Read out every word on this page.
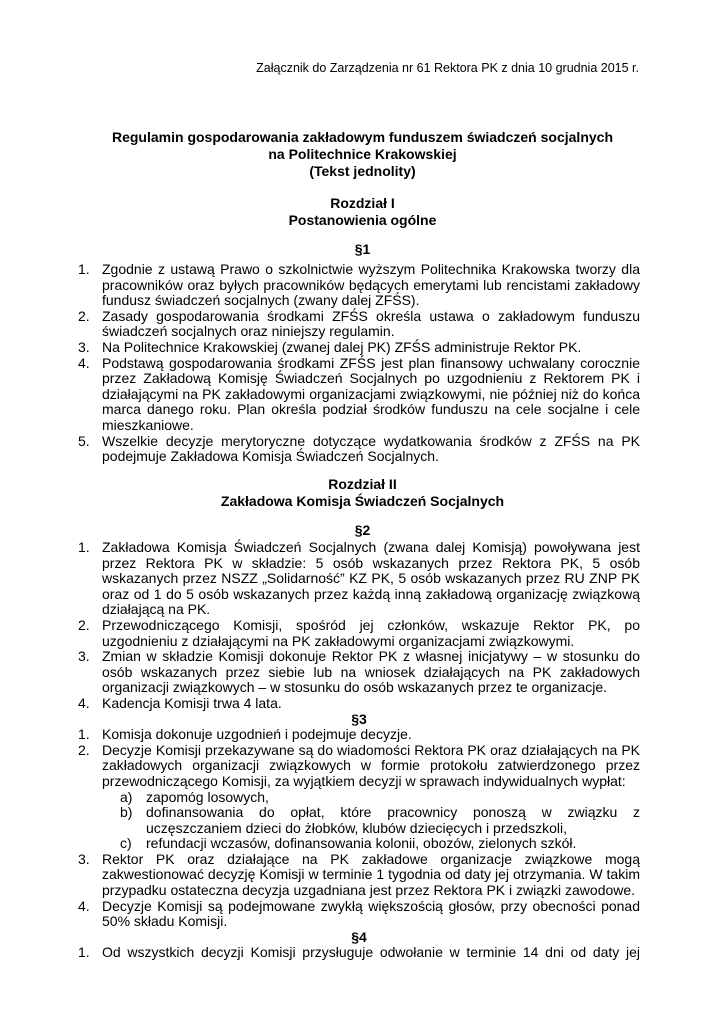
Załącznik do Zarządzenia nr 61 Rektora PK z dnia 10 grudnia 2015 r.
Regulamin gospodarowania zakładowym funduszem świadczeń socjalnych
na Politechnice Krakowskiej
(Tekst jednolity)
Rozdział I
Postanowienia ogólne
§1
1. Zgodnie z ustawą Prawo o szkolnictwie wyższym Politechnika Krakowska tworzy dla pracowników oraz byłych pracowników będących emerytami lub rencistami zakładowy fundusz świadczeń socjalnych (zwany dalej ZFŚS).
2. Zasady gospodarowania środkami ZFŚS określa ustawa o zakładowym funduszu świadczeń socjalnych oraz niniejszy regulamin.
3. Na Politechnice Krakowskiej (zwanej dalej PK) ZFŚS administruje Rektor PK.
4. Podstawą gospodarowania środkami ZFŚS jest plan finansowy uchwalany corocznie przez Zakładową Komisję Świadczeń Socjalnych po uzgodnieniu z Rektorem PK i działającymi na PK zakładowymi organizacjami związkowymi, nie później niż do końca marca danego roku. Plan określa podział środków funduszu na cele socjalne i cele mieszkaniowe.
5. Wszelkie decyzje merytoryczne dotyczące wydatkowania środków z ZFŚS na PK podejmuje Zakładowa Komisja Świadczeń Socjalnych.
Rozdział II
Zakładowa Komisja Świadczeń Socjalnych
§2
1. Zakładowa Komisja Świadczeń Socjalnych (zwana dalej Komisją) powoływana jest przez Rektora PK w składzie: 5 osób wskazanych przez Rektora PK, 5 osób wskazanych przez NSZZ „Solidarność” KZ PK, 5 osób wskazanych przez RU ZNP PK oraz od 1 do 5 osób wskazanych przez każdą inną zakładową organizację związkową działającą na PK.
2. Przewodniczącego Komisji, spośród jej członków, wskazuje Rektor PK, po uzgodnieniu z działającymi na PK zakładowymi organizacjami związkowymi.
3. Zmian w składzie Komisji dokonuje Rektor PK z własnej inicjatywy – w stosunku do osób wskazanych przez siebie lub na wniosek działających na PK zakładowych organizacji związkowych – w stosunku do osób wskazanych przez te organizacje.
4. Kadencja Komisji trwa 4 lata.
§3
1. Komisja dokonuje uzgodnień i podejmuje decyzje.
2. Decyzje Komisji przekazywane są do wiadomości Rektora PK oraz działających na PK zakładowych organizacji związkowych w formie protokołu zatwierdzonego przez przewodniczącego Komisji, za wyjątkiem decyzji w sprawach indywidualnych wypłat:
a) zapomóg losowych,
b) dofinansowania do opłat, które pracownicy ponoszą w związku z uczęszczaniem dzieci do żłobków, klubów dziecięcych i przedszkoli,
c)	refundacji wczasów, dofinansowania kolonii, obozów, zielonych szkół.
3. Rektor PK oraz działające na PK zakładowe organizacje związkowe mogą zakwestionować decyzję Komisji w terminie 1 tygodnia od daty jej otrzymania. W takim przypadku ostateczna decyzja uzgadniana jest przez Rektora PK i związki zawodowe.
4. Decyzje Komisji są podejmowane zwykłą większością głosów, przy obecności ponad 50% składu Komisji.
§4
1. Od wszystkich decyzji Komisji przysługuje odwołanie w terminie 14 dni od daty jej
